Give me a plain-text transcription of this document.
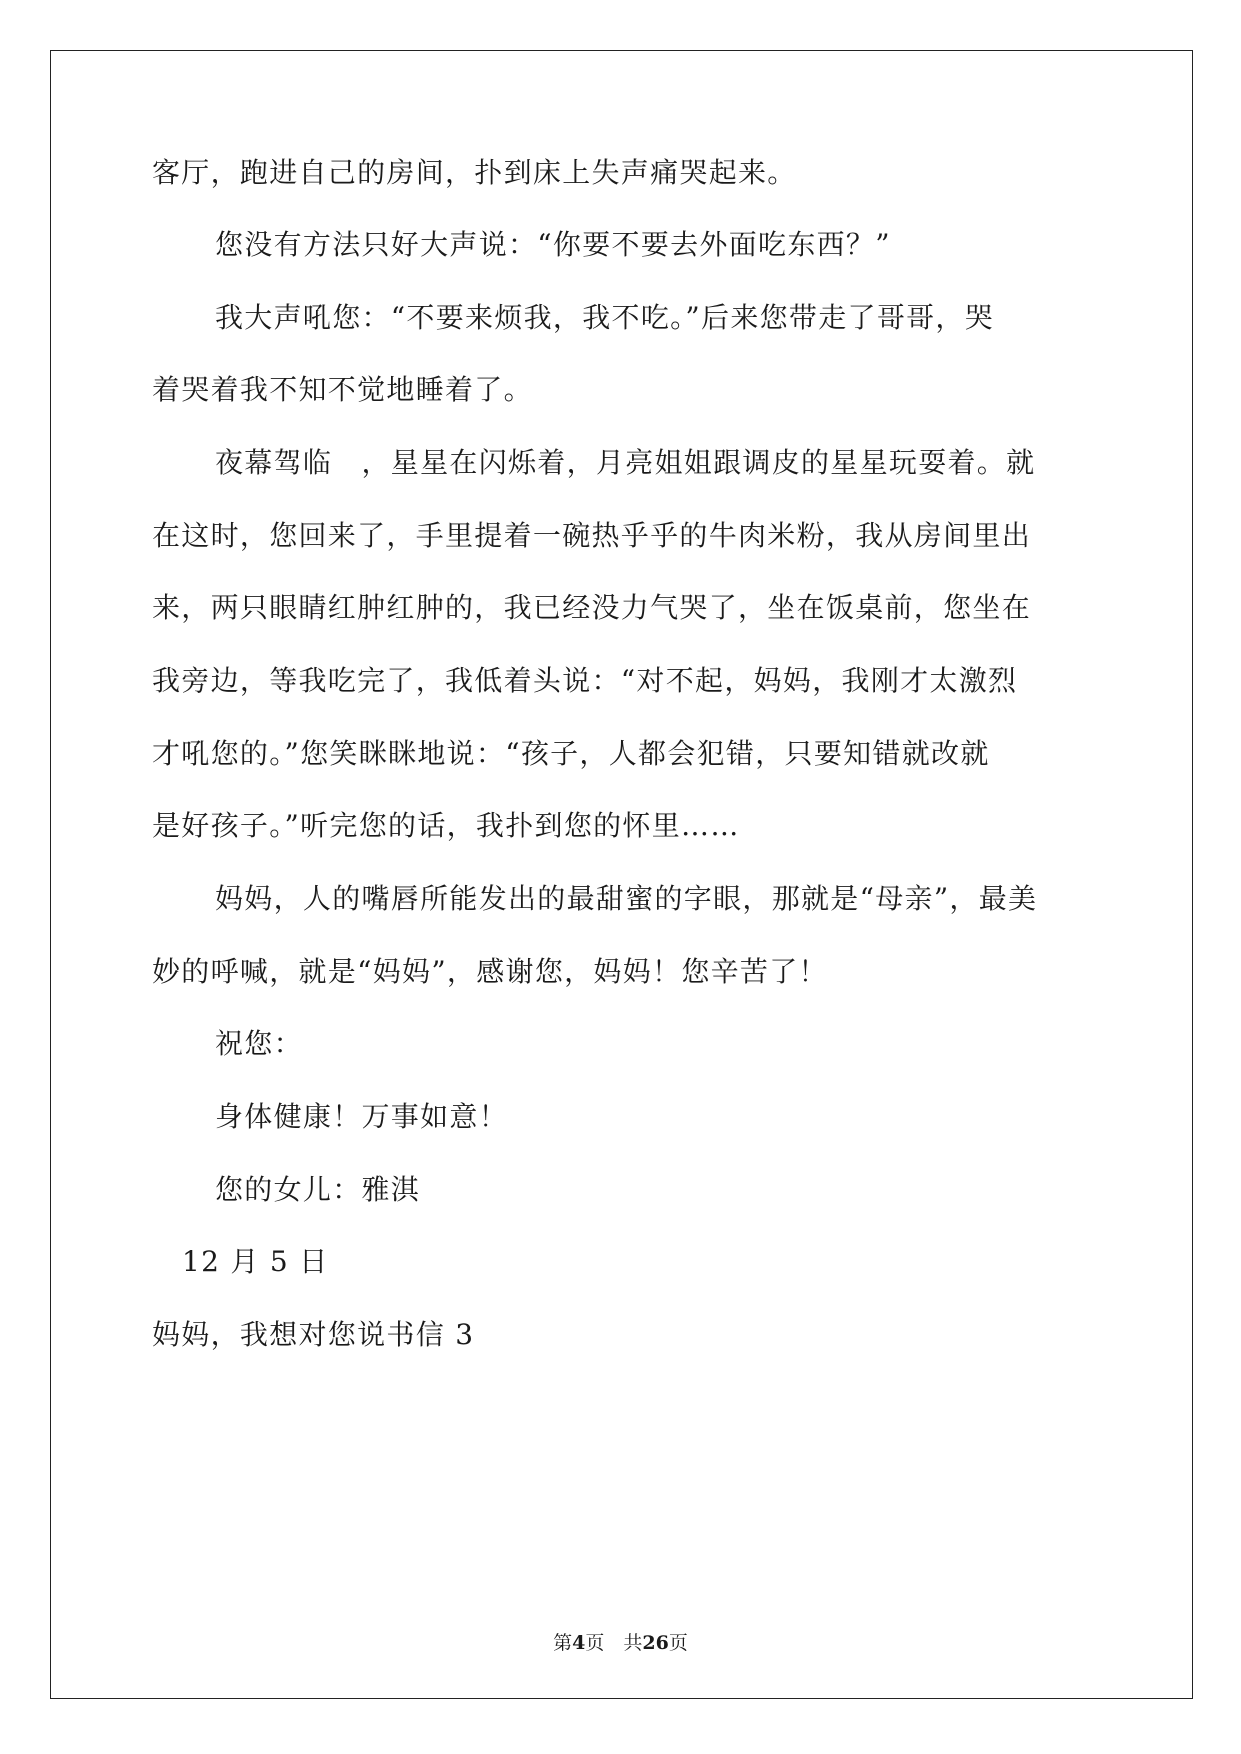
客厅，跑进自己的房间，扑到床上失声痛哭起来。
您没有方法只好大声说：“你要不要去外面吃东西？”
我大声吼您：“不要来烦我，我不吃。”后来您带走了哥哥，哭
着哭着我不知不觉地睡着了。
夜幕驾临　，星星在闪烁着，月亮姐姐跟调皮的星星玩耍着。就
在这时，您回来了，手里提着一碗热乎乎的牛肉米粉，我从房间里出
来，两只眼睛红肿红肿的，我已经没力气哭了，坐在饭桌前，您坐在
我旁边，等我吃完了，我低着头说：“对不起，妈妈，我刚才太激烈
才吼您的。”您笑眯眯地说：“孩子，人都会犯错，只要知错就改就
是好孩子。”听完您的话，我扑到您的怀里……
妈妈，人的嘴唇所能发出的最甜蜜的字眼，那就是“母亲”，最美
妙的呼喊，就是“妈妈”，感谢您，妈妈！您辛苦了！
祝您：
身体健康！万事如意！
您的女儿：雅淇
12 月 5 日
妈妈，我想对您说书信 3
第4页　共26页
